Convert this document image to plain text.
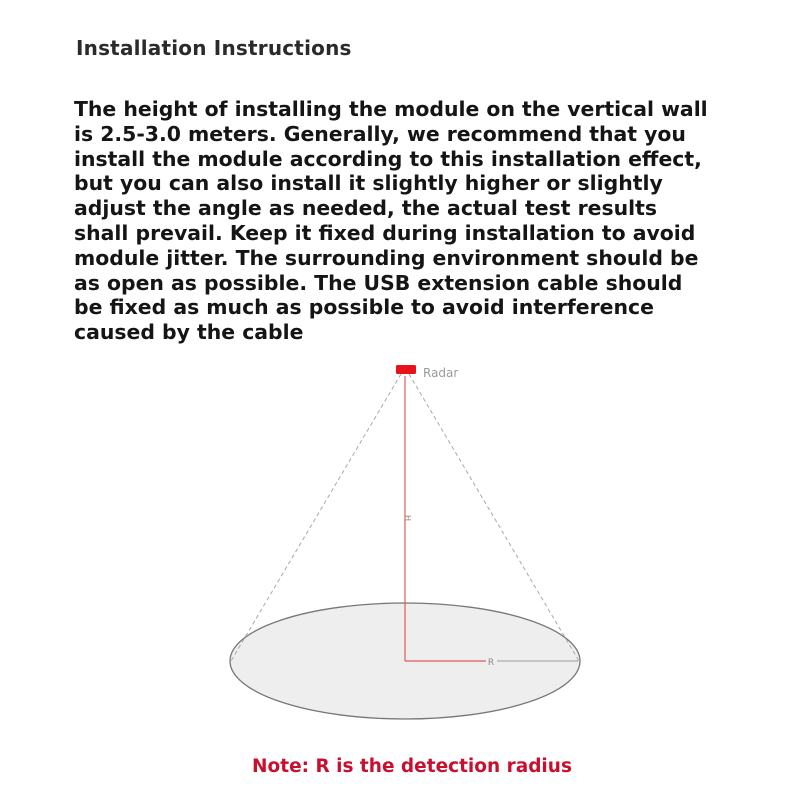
Installation Instructions
The height of installing the module on the vertical wall is 2.5-3.0 meters. Generally, we recommend that you install the module according to this installation effect, but you can also install it slightly higher or slightly adjust the angle as needed, the actual test results shall prevail. Keep it fixed during installation to avoid module jitter. The surrounding environment should be as open as possible. The USB extension cable should be fixed as much as possible to avoid interference caused by the cable
Radar
H
R
Note: R is the detection radius
